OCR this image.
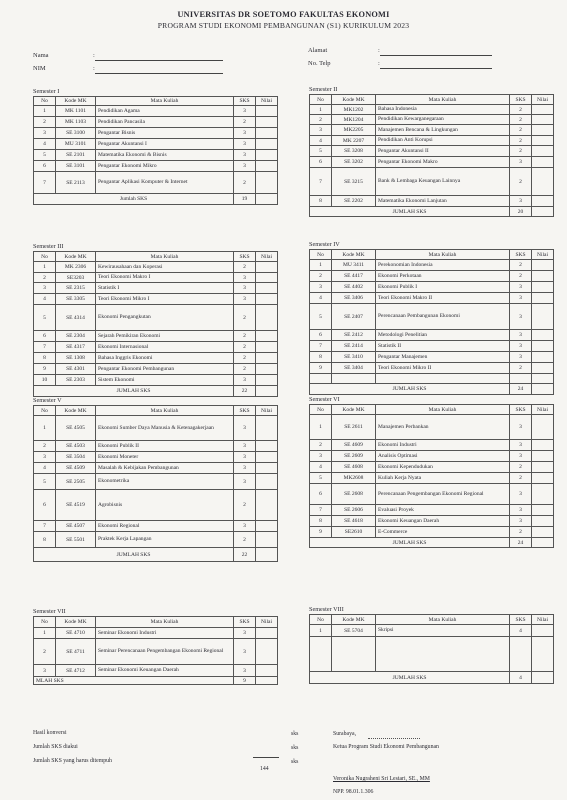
UNIVERSITAS DR SOETOMO FAKULTAS EKONOMI
PROGRAM STUDI EKONOMI PEMBANGUNAN (S1) KURIKULUM 2023
Nama	:
NIM	:
Alamat	:
No. Telp	:
Semester I
No	Kode MK	Mata Kuliah	SKS	Nilai
1	MK 1101	Pendidikan Agama	3	
2	MK 1103	Pendidikan Pancasila	2	
3	SE 3100	Pengantar Bisnis	3	
4	MU 3101	Pengantar Akuntansi I	3	
5	SE 2101	Matematika Ekonomi & Bisnis	3	
6	SE 3101	Pengantar Ekonomi Mikro	3	
7	SE 2113	Pengantar Aplikasi Komputer & Internet	2	
Jumlah SKS			19	
Semester II
No	Kode MK	Mata Kuliah	SKS	Nilai
1	MK1202	Bahasa Indonesia	2	
2	MK1204	Pendidikan Kewarganegaraan	2	
3	MK2205	Manajemen Bencana & Lingkungan	2	
4	MK 2207	Pendidikan Anti Korupsi	2	
5	SE 3208	Pengantar Akuntansi II	2	
6	SE 3202	Pengantar Ekonomi Makro	3	
7	SE 3215	Bank & Lembaga Keuangan Lainnya	2	
8	SE 2202	Matematika Ekonomi Lanjutan	3	
JUMLAH SKS			20	
Semester III
No	Kode MK	Mata Kuliah	SKS	Nilai
1	MK 2306	Kewirausahaan dan Koperasi	2	
2	SE3203	Teori Ekonomi Makro I	3	
3	SE 2315	Statistik I	3	
4	SE 3305	Teori Ekonomi Mikro I	3	
5	SE 4314	Ekonomi Pengangkutan	2	
6	SE 2304	Sejarah Pemikiran Ekonomi	2	
7	SE 4317	Ekonomi Internasional	2	
8	SE 1308	Bahasa Inggris Ekonomi	2	
9	SE 4301	Pengantar Ekonomi Pembangunan	2	
10	SE 2303	Sistem Ekonomi	3	
JUMLAH SKS			22	
Semester IV
No	Kode MK	Mata Kuliah	SKS	Nilai
1	MU 3411	Perekonomian Indonesia	2	
2	SE 4417	Ekonomi Perkotaan	2	
3	SE 4402	Ekonomi Publik I	3	
4	SE 3406	Teori Ekonomi Makro II	3	
5	SE 2407	Perencanaan Pembangunan Ekonomi	3	
6	SE 2412	Metodologi Penelitian	3	
7	SE 2414	Statistik II	3	
8	SE 3410	Pengantar Manajemen	3	
9	SE 3404	Teori Ekonomi Mikro II	2	

JUMLAH SKS			24	
Semester V
No	Kode MK	Mata Kuliah	SKS	Nilai
1	SE 4505	Ekonomi Sumber Daya Manusia & Ketenagakerjaan	3	
2	SE 4503	Ekonomi Publik II	3	
3	SE 3504	Ekonomi Moneter	3	
4	SE 4509	Masalah & Kebijakan Pembangunan	3	
5	SE 2505	Ekonometrika	3	
6	SE 4519	Agrobisnis	2	
7	SE 4507	Ekonomi Regional	3	
8	SE 5501	Praktek Kerja Lapangan	2	
JUMLAH SKS			22	
Semester VI
No	Kode MK	Mata Kuliah	SKS	Nilai
1	SE 2611	Manajemen Perbankan	3	
2	SE 4609	Ekonomi Industri	3	
3	SE 2609	Analisis Optimasi	3	
4	SE 4608	Ekonomi Kependudukan	2	
5	MK2608	Kuliah Kerja Nyata	2	
6	SE 2608	Perencanaan Pengembangan Ekonomi Regional	3	
7	SE 2606	Evaluasi Proyek	3	
8	SE 4618	Ekonomi Keuangan Daerah	3	
9	SE2610	E-Commerce	2	
JUMLAH SKS			24	
Semester VII
No	Kode MK	Mata Kuliah	SKS	Nilai
1	SE 4710	Seminar Ekonomi Industri	3	
2	SE 4711	Seminar Perencanaan Pengembangan Ekonomi Regional	3	
3	SE 4712	Seminar Ekonomi Keuangan Daerah	3	
MLAH SKS			9	
Semester VIII
No	Kode MK	Mata Kuliah	SKS	Nilai
1	SE 5704	Skripsi	4	

JUMLAH SKS			4	
Hasil konversi
Jumlah SKS diakui
Jumlah SKS yang harus ditempuh
144
sks
sks
sks
Surabaya,
Ketua Program Studi Ekonomi Pembangunan
Veronika Nugraheni Sri Lestari, SE., MM
NPP. 98.01.1.306
